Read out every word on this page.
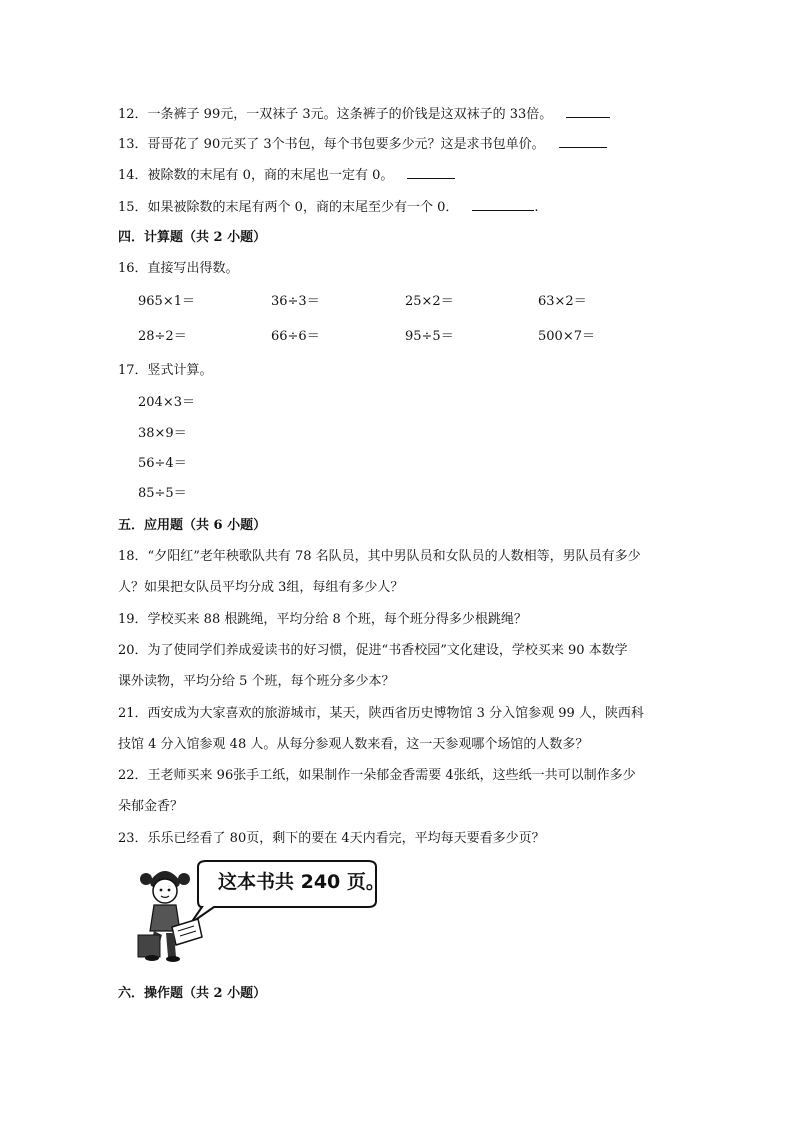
12．一条裤子 99元，一双袜子 3元。这条裤子的价钱是这双袜子的 33倍。
13．哥哥花了 90元买了 3个书包，每个书包要多少元？这是求书包单价。
14．被除数的末尾有 0，商的末尾也一定有 0。
15．如果被除数的末尾有两个 0，商的末尾至少有一个 0．	.
四．计算题（共 2 小题）
16．直接写出得数。
965×1＝	36÷3＝	25×2＝	63×2＝
28÷2＝	66÷6＝	95÷5＝	500×7＝
17．竖式计算。
204×3＝
38×9＝
56÷4＝
85÷5＝
五．应用题（共 6 小题）
18．“夕阳红”老年秧歌队共有 78 名队员，其中男队员和女队员的人数相等，男队员有多少
人？如果把女队员平均分成 3组，每组有多少人？
19．学校买来 88 根跳绳，平均分给 8 个班，每个班分得多少根跳绳？
20．为了使同学们养成爱读书的好习惯，促进“书香校园”文化建设，学校买来 90 本数学
课外读物，平均分给 5 个班，每个班分多少本？
21．西安成为大家喜欢的旅游城市，某天，陕西省历史博物馆 3 分入馆参观 99 人，陕西科
技馆 4 分入馆参观 48 人。从每分参观人数来看，这一天参观哪个场馆的人数多？
22．王老师买来 96张手工纸，如果制作一朵郁金香需要 4张纸，这些纸一共可以制作多少
朵郁金香？
23．乐乐已经看了 80页，剩下的要在 4天内看完，平均每天要看多少页？
这本书共 240 页。
六．操作题（共 2 小题）
